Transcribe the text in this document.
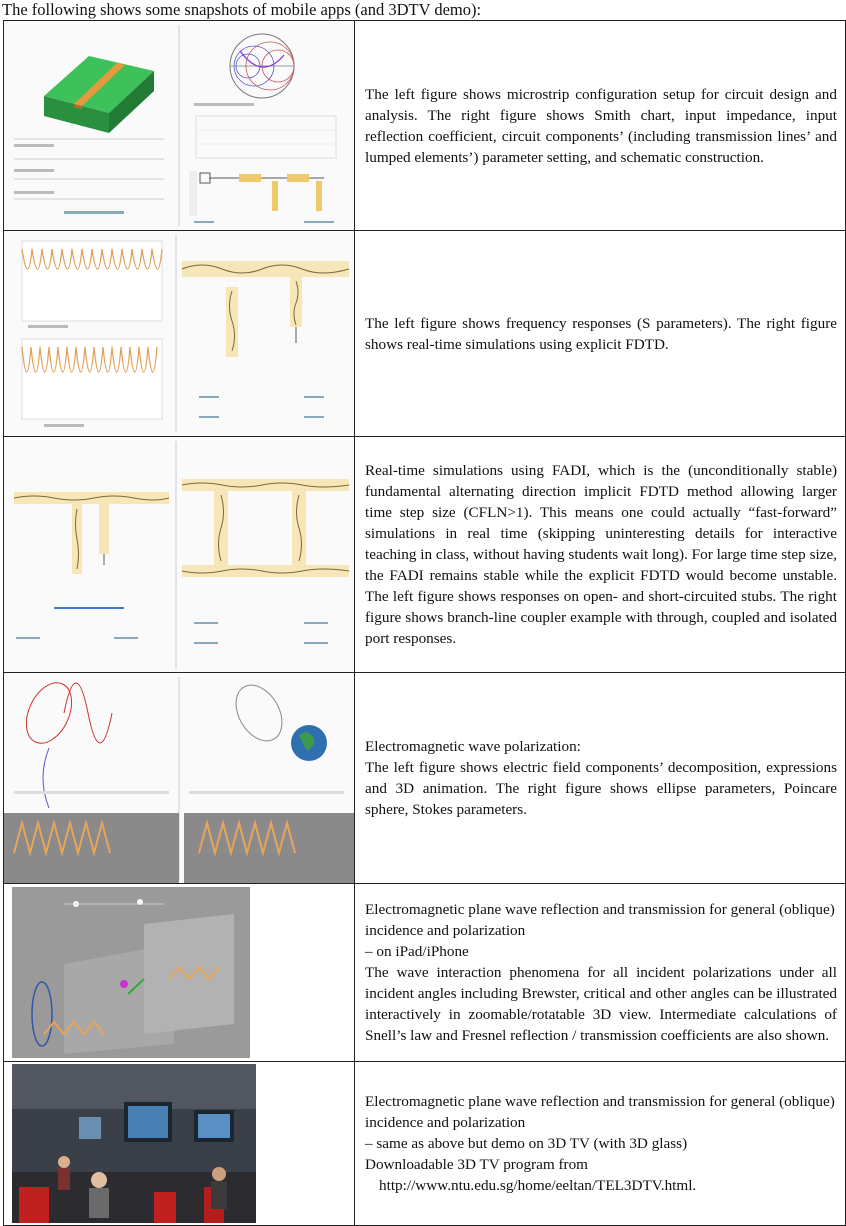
The following shows some snapshots of mobile apps (and 3DTV demo):

The left figure shows microstrip configuration setup for circuit design and analysis. The right figure shows Smith chart, input impedance, input reflection coefficient, circuit components’ (including transmission lines’ and lumped elements’) parameter setting, and schematic construction.

The left figure shows frequency responses (S parameters). The right figure shows real-time simulations using explicit FDTD.

Real-time simulations using FADI, which is the (unconditionally stable) fundamental alternating direction implicit FDTD method allowing larger time step size (CFLN>1). This means one could actually “fast-forward” simulations in real time (skipping uninteresting details for interactive teaching in class, without having students wait long). For large time step size, the FADI remains stable while the explicit FDTD would become unstable. The left figure shows responses on open- and short-circuited stubs. The right figure shows branch-line coupler example with through, coupled and isolated port responses.

Electromagnetic wave polarization:
The left figure shows electric field components’ decomposition, expressions and 3D animation. The right figure shows ellipse parameters, Poincare sphere, Stokes parameters.

Electromagnetic plane wave reflection and transmission for general (oblique) incidence and polarization
– on iPad/iPhone

The wave interaction phenomena for all incident polarizations under all incident angles including Brewster, critical and other angles can be illustrated interactively in zoomable/rotatable 3D view. Intermediate calculations of Snell’s law and Fresnel reflection / transmission coefficients are also shown.

Electromagnetic plane wave reflection and transmission for general (oblique) incidence and polarization
– same as above but demo on 3D TV (with 3D glass)
Downloadable 3D TV program from
http://www.ntu.edu.sg/home/eeltan/TEL3DTV.html.
